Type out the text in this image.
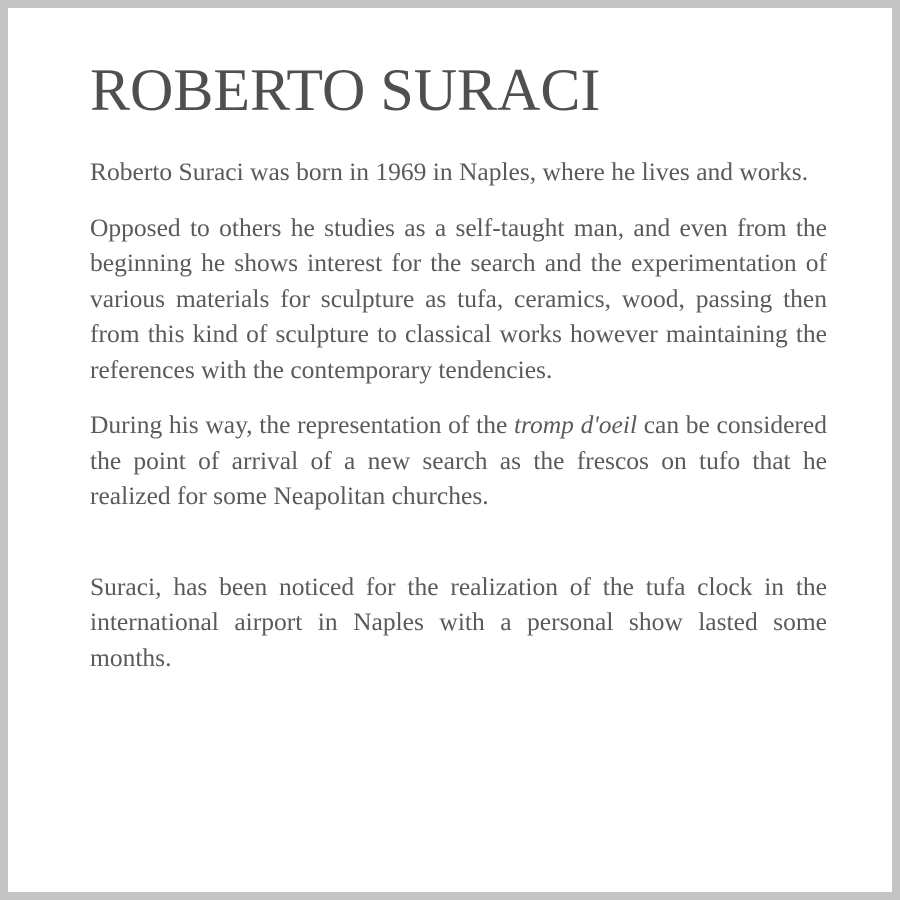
ROBERTO SURACI

Roberto Suraci was born in 1969 in Naples, where he lives and works.

Opposed to others he studies as a self-taught man, and even from the beginning he shows interest for the search and the experimentation of various materials for sculpture as tufa, ceramics, wood, passing then from this kind of sculpture to classical works however maintaining the references with the contemporary tendencies.

During his way, the representation of the tromp d'oeil can be considered the point of arrival of a new search as the frescos on tufo that he realized for some Neapolitan churches.

Suraci, has been noticed for the realization of the tufa clock in the international airport in Naples with a personal show lasted some months.
